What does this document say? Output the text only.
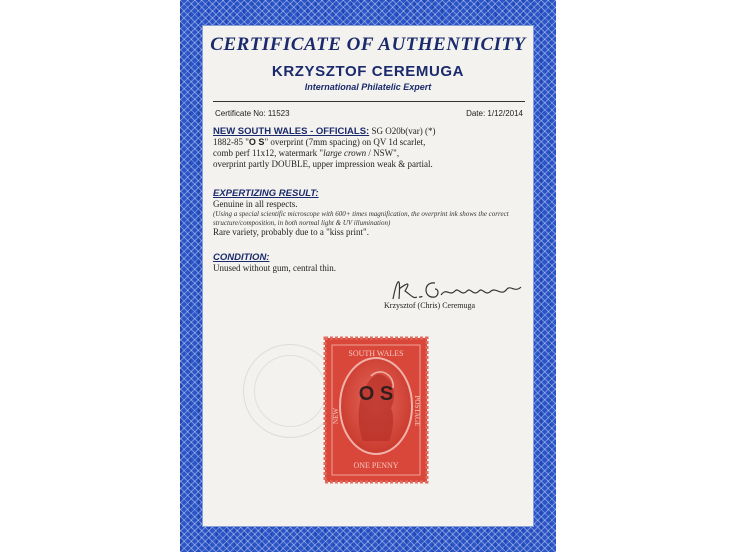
CERTIFICATE OF AUTHENTICITY
KRZYSZTOF CEREMUGA
International Philatelic Expert
Certificate No: 11523	Date: 1/12/2014
NEW SOUTH WALES - OFFICIALS: SG O20b(var) (*)
1882-85 "O S" overprint (7mm spacing) on QV 1d scarlet,
comb perf 11x12, watermark "large crown / NSW",
overprint partly DOUBLE, upper impression weak & partial.
EXPERTIZING RESULT:
Genuine in all respects.
(Using a special scientific microscope with 600+ times magnification, the overprint ink shows the correct structure/composition, in both normal light & UV illumination)
Rare variety, probably due to a "kiss print".
CONDITION:
Unused without gum, central thin.
Krzysztof (Chris) Ceremuga
SOUTH WALES
NEW	POSTAGE
ONE PENNY
O S
